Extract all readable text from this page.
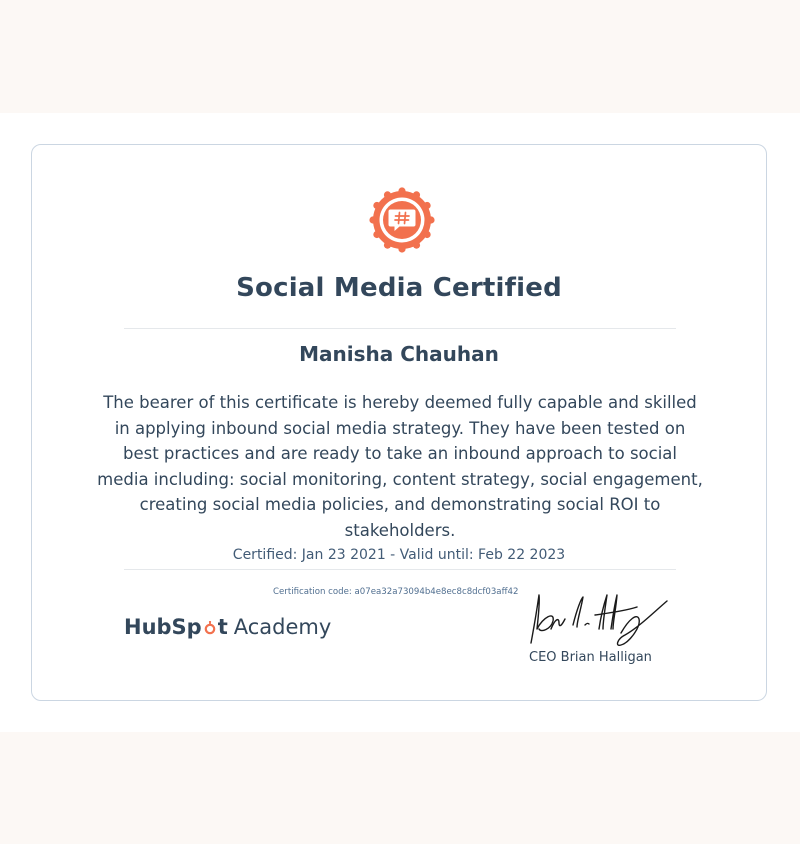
Social Media Certified
Manisha Chauhan
The bearer of this certificate is hereby deemed fully capable and skilled in applying inbound social media strategy. They have been tested on best practices and are ready to take an inbound approach to social media including: social monitoring, content strategy, social engagement, creating social media policies, and demonstrating social ROI to stakeholders.
Certified: Jan 23 2021 - Valid until: Feb 22 2023
Certification code: a07ea32a73094b4e8ec8c8dcf03aff42
HubSp t Academy
CEO Brian Halligan
